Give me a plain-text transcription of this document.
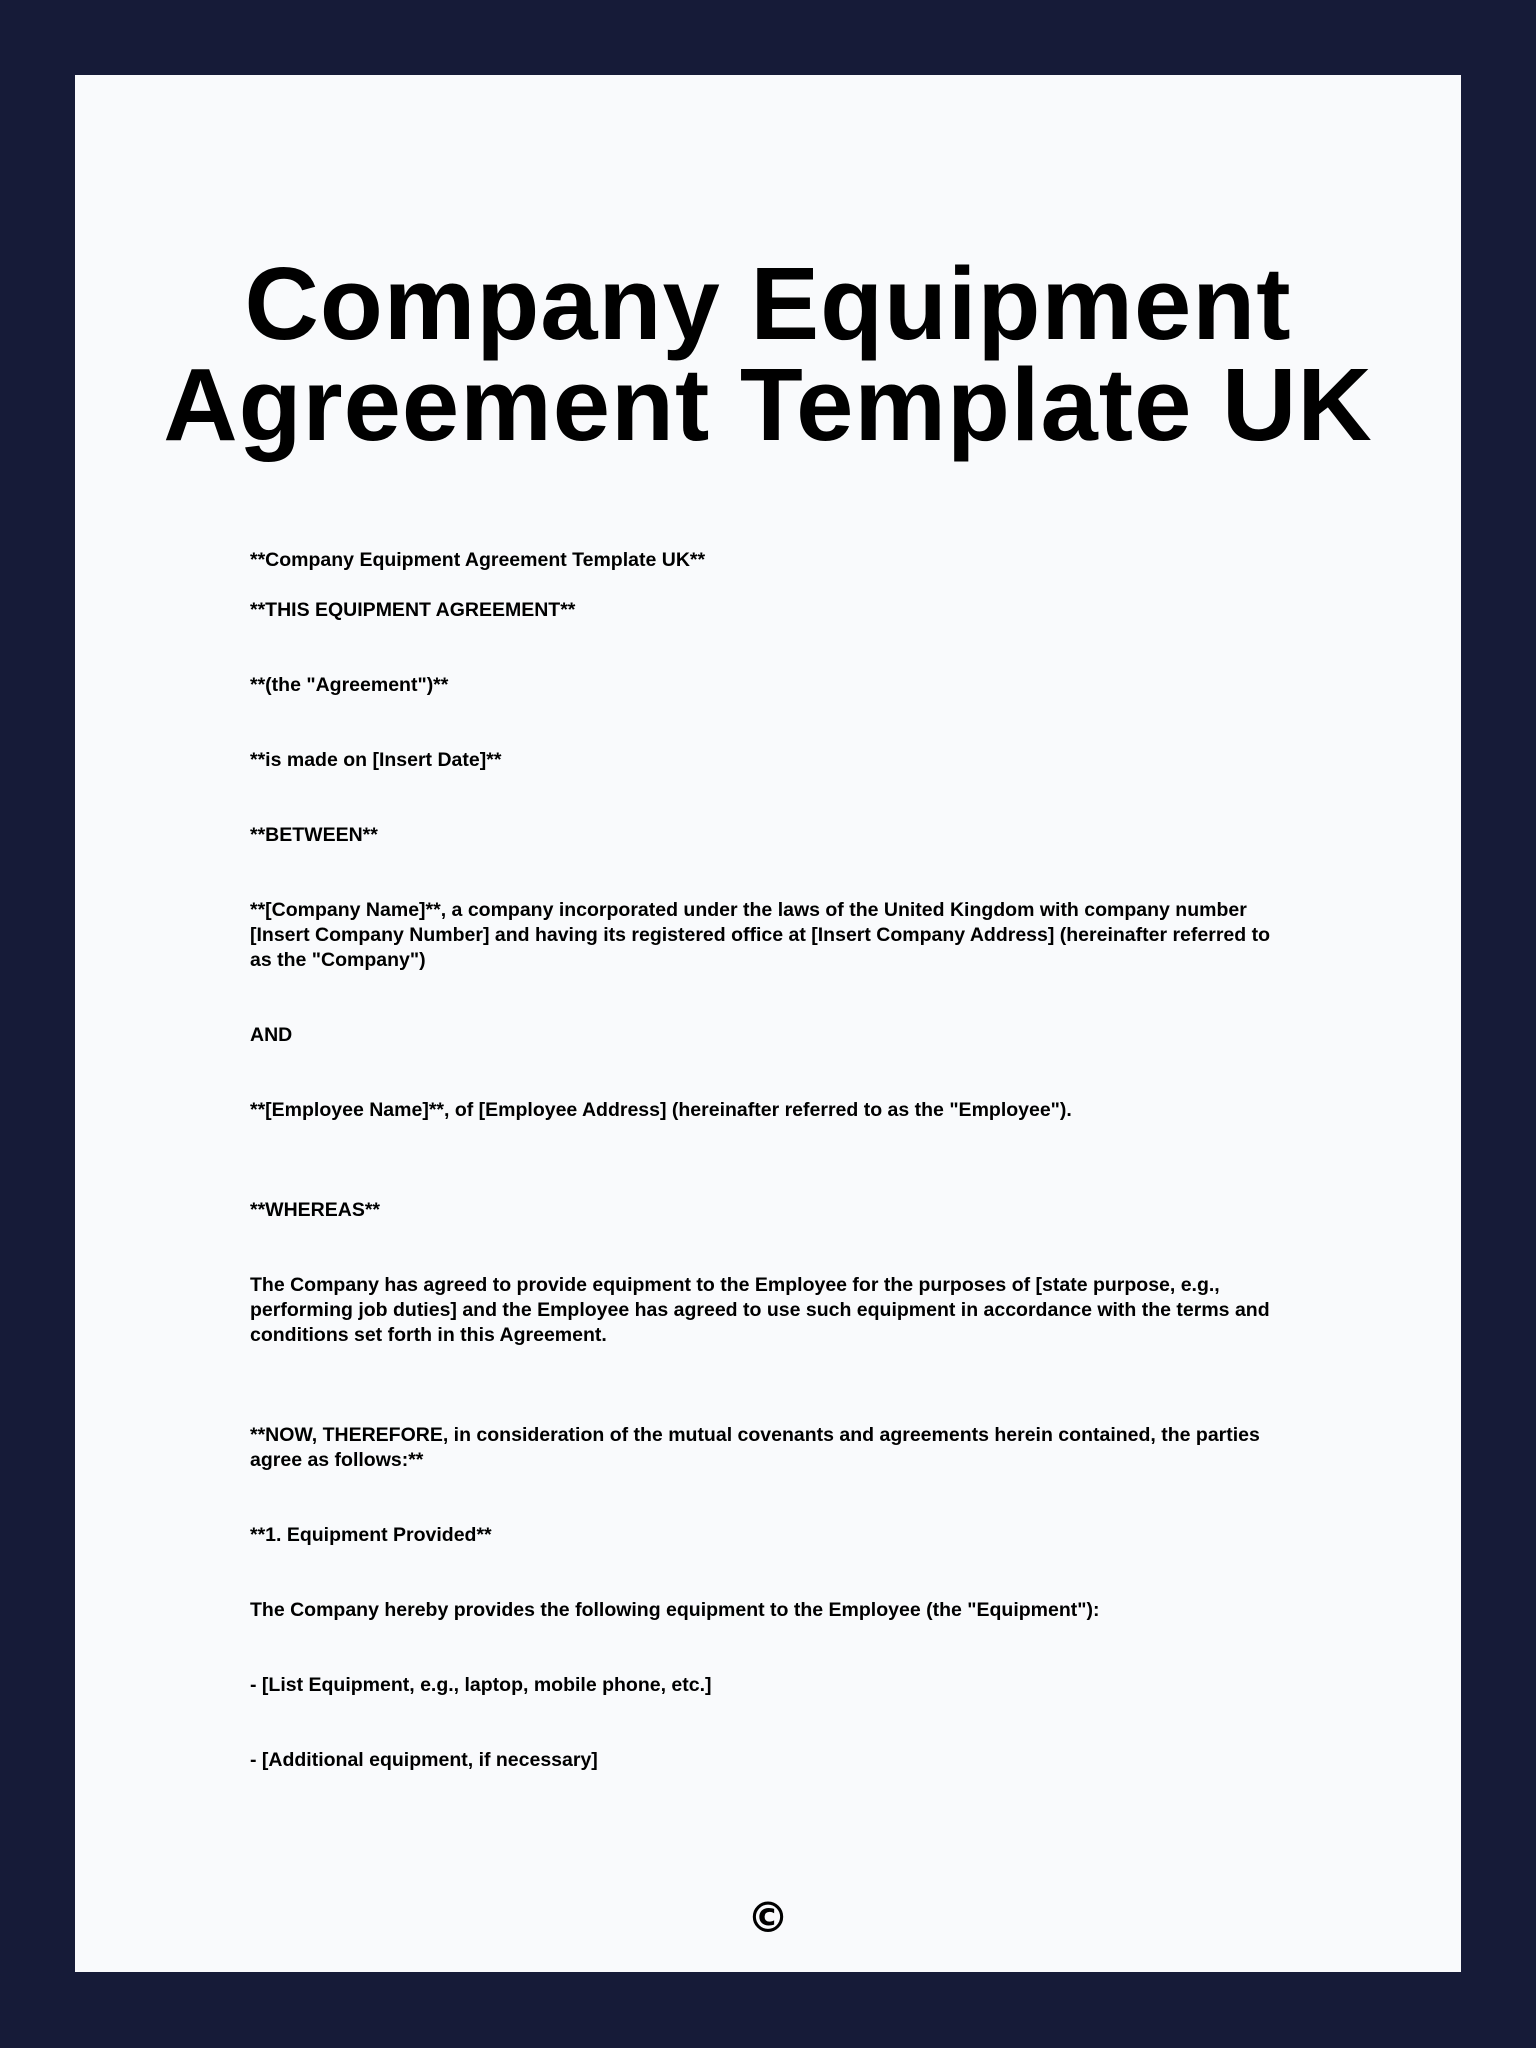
Company Equipment
Agreement Template UK

**Company Equipment Agreement Template UK**

**THIS EQUIPMENT AGREEMENT**

**(the "Agreement")**

**is made on [Insert Date]**

**BETWEEN**

**[Company Name]**, a company incorporated under the laws of the United Kingdom with company number [Insert Company Number] and having its registered office at [Insert Company Address] (hereinafter referred to as the "Company")

AND

**[Employee Name]**, of [Employee Address] (hereinafter referred to as the "Employee").

**WHEREAS**

The Company has agreed to provide equipment to the Employee for the purposes of [state purpose, e.g., performing job duties] and the Employee has agreed to use such equipment in accordance with the terms and conditions set forth in this Agreement.

**NOW, THEREFORE, in consideration of the mutual covenants and agreements herein contained, the parties agree as follows:**

**1. Equipment Provided**

The Company hereby provides the following equipment to the Employee (the "Equipment"):

- [List Equipment, e.g., laptop, mobile phone, etc.]

- [Additional equipment, if necessary]

©
